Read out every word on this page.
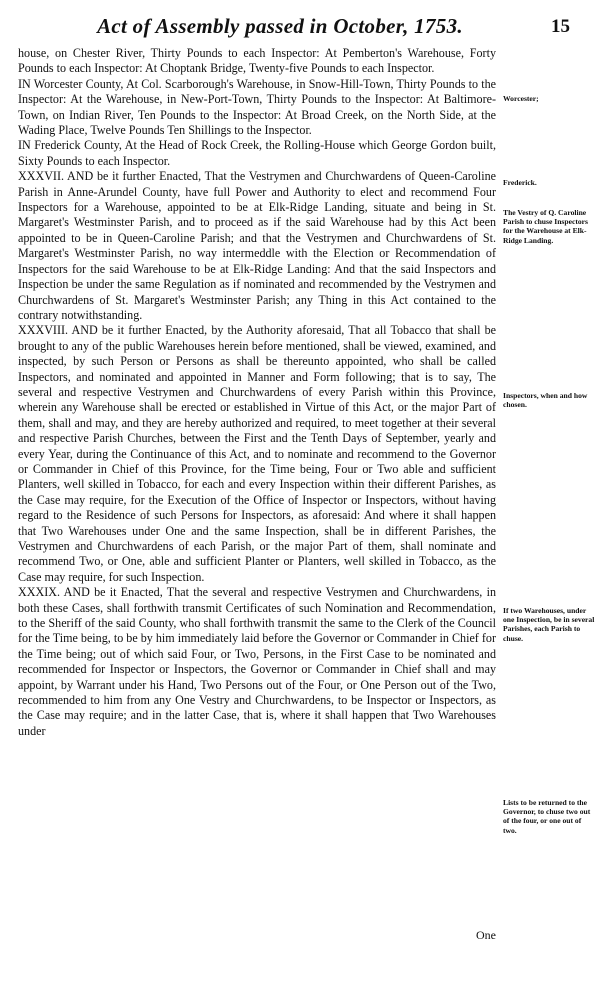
Act of Assembly passed in October, 1753.	15

house, on Chester River, Thirty Pounds to each Inspector: At Pemberton's Warehouse, Forty Pounds to each Inspector: At Choptank Bridge, Twenty-five Pounds to each Inspector.

IN Worcester County, At Col. Scarborough's Warehouse, in Snow-Hill-Town, Thirty Pounds to the Inspector: At the Warehouse, in New-Port-Town, Thirty Pounds to the Inspector: At Baltimore-Town, on Indian River, Ten Pounds to the Inspector: At Broad Creek, on the North Side, at the Wading Place, Twelve Pounds Ten Shillings to the Inspector.

IN Frederick County, At the Head of Rock Creek, the Rolling-House which George Gordon built, Sixty Pounds to each Inspector.

XXXVII. AND be it further Enacted, That the Vestrymen and Churchwardens of Queen-Caroline Parish in Anne-Arundel County, have full Power and Authority to elect and recommend Four Inspectors for a Warehouse, appointed to be at Elk-Ridge Landing, situate and being in St. Margaret's Westminster Parish, and to proceed as if the said Warehouse had by this Act been appointed to be in Queen-Caroline Parish; and that the Vestrymen and Churchwardens of St. Margaret's Westminster Parish, no way intermeddle with the Election or Recommendation of Inspectors for the said Warehouse to be at Elk-Ridge Landing: And that the said Inspectors and Inspection be under the same Regulation as if nominated and recommended by the Vestrymen and Churchwardens of St. Margaret's Westminster Parish; any Thing in this Act contained to the contrary notwithstanding.

XXXVIII. AND be it further Enacted, by the Authority aforesaid, That all Tobacco that shall be brought to any of the public Warehouses herein before mentioned, shall be viewed, examined, and inspected, by such Person or Persons as shall be thereunto appointed, who shall be called Inspectors, and nominated and appointed in Manner and Form following; that is to say, The several and respective Vestrymen and Churchwardens of every Parish within this Province, wherein any Warehouse shall be erected or established in Virtue of this Act, or the major Part of them, shall and may, and they are hereby authorized and required, to meet together at their several and respective Parish Churches, between the First and the Tenth Days of September, yearly and every Year, during the Continuance of this Act, and to nominate and recommend to the Governor or Commander in Chief of this Province, for the Time being, Four or Two able and sufficient Planters, well skilled in Tobacco, for each and every Inspection within their different Parishes, as the Case may require, for the Execution of the Office of Inspector or Inspectors, without having regard to the Residence of such Persons for Inspectors, as aforesaid: And where it shall happen that Two Warehouses under One and the same Inspection, shall be in different Parishes, the Vestrymen and Churchwardens of each Parish, or the major Part of them, shall nominate and recommend Two, or One, able and sufficient Planter or Planters, well skilled in Tobacco, as the Case may require, for such Inspection.

XXXIX. AND be it Enacted, That the several and respective Vestrymen and Churchwardens, in both these Cases, shall forthwith transmit Certificates of such Nomination and Recommendation, to the Sheriff of the said County, who shall forthwith transmit the same to the Clerk of the Council for the Time being, to be by him immediately laid before the Governor or Commander in Chief for the Time being; out of which said Four, or Two, Persons, in the First Case to be nominated and recommended for Inspector or Inspectors, the Governor or Commander in Chief shall and may appoint, by Warrant under his Hand, Two Persons out of the Four, or One Person out of the Two, recommended to him from any One Vestry and Churchwardens, to be Inspector or Inspectors, as the Case may require; and in the latter Case, that is, where it shall happen that Two Warehouses under

Worcester;
Frederick.
The Vestry of Q. Caroline Parish to chuse Inspectors for the Warehouse at Elk-Ridge Landing.
Inspectors, when and how chosen.
If two Warehouses, under one Inspection, be in several Parishes, each Parish to chuse.
Lists to be returned to the Governor, to chuse two out of the four, or one out of two.
One
